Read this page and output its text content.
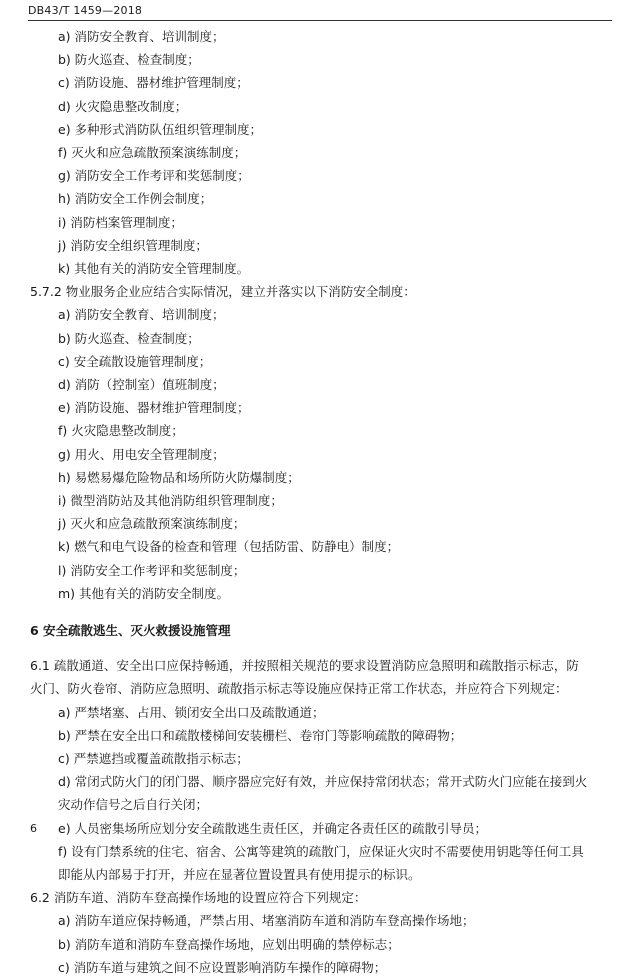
DB43/T 1459—2018
a) 消防安全教育、培训制度；
b) 防火巡查、检查制度；
c) 消防设施、器材维护管理制度；
d) 火灾隐患整改制度；
e) 多种形式消防队伍组织管理制度；
f) 灭火和应急疏散预案演练制度；
g) 消防安全工作考评和奖惩制度；
h) 消防安全工作例会制度；
i) 消防档案管理制度；
j) 消防安全组织管理制度；
k) 其他有关的消防安全管理制度。
5.7.2 物业服务企业应结合实际情况，建立并落实以下消防安全制度：
a) 消防安全教育、培训制度；
b) 防火巡查、检查制度；
c) 安全疏散设施管理制度；
d) 消防（控制室）值班制度；
e) 消防设施、器材维护管理制度；
f) 火灾隐患整改制度；
g) 用火、用电安全管理制度；
h) 易燃易爆危险物品和场所防火防爆制度；
i) 微型消防站及其他消防组织管理制度；
j) 灭火和应急疏散预案演练制度；
k) 燃气和电气设备的检查和管理（包括防雷、防静电）制度；
l) 消防安全工作考评和奖惩制度；
m) 其他有关的消防安全制度。
6 安全疏散逃生、灭火救援设施管理
6.1 疏散通道、安全出口应保持畅通，并按照相关规范的要求设置消防应急照明和疏散指示标志，防
火门、防火卷帘、消防应急照明、疏散指示标志等设施应保持正常工作状态，并应符合下列规定：
a) 严禁堵塞、占用、锁闭安全出口及疏散通道；
b) 严禁在安全出口和疏散楼梯间安装栅栏、卷帘门等影响疏散的障碍物；
c) 严禁遮挡或覆盖疏散指示标志；
d) 常闭式防火门的闭门器、顺序器应完好有效，并应保持常闭状态；常开式防火门应能在接到火
灾动作信号之后自行关闭；
e) 人员密集场所应划分安全疏散逃生责任区，并确定各责任区的疏散引导员；
f) 设有门禁系统的住宅、宿舍、公寓等建筑的疏散门，应保证火灾时不需要使用钥匙等任何工具
即能从内部易于打开，并应在显著位置设置具有使用提示的标识。
6.2 消防车道、消防车登高操作场地的设置应符合下列规定：
a) 消防车道应保持畅通，严禁占用、堵塞消防车道和消防车登高操作场地；
b) 消防车道和消防车登高操作场地，应划出明确的禁停标志；
c) 消防车道与建筑之间不应设置影响消防车操作的障碍物；
6
